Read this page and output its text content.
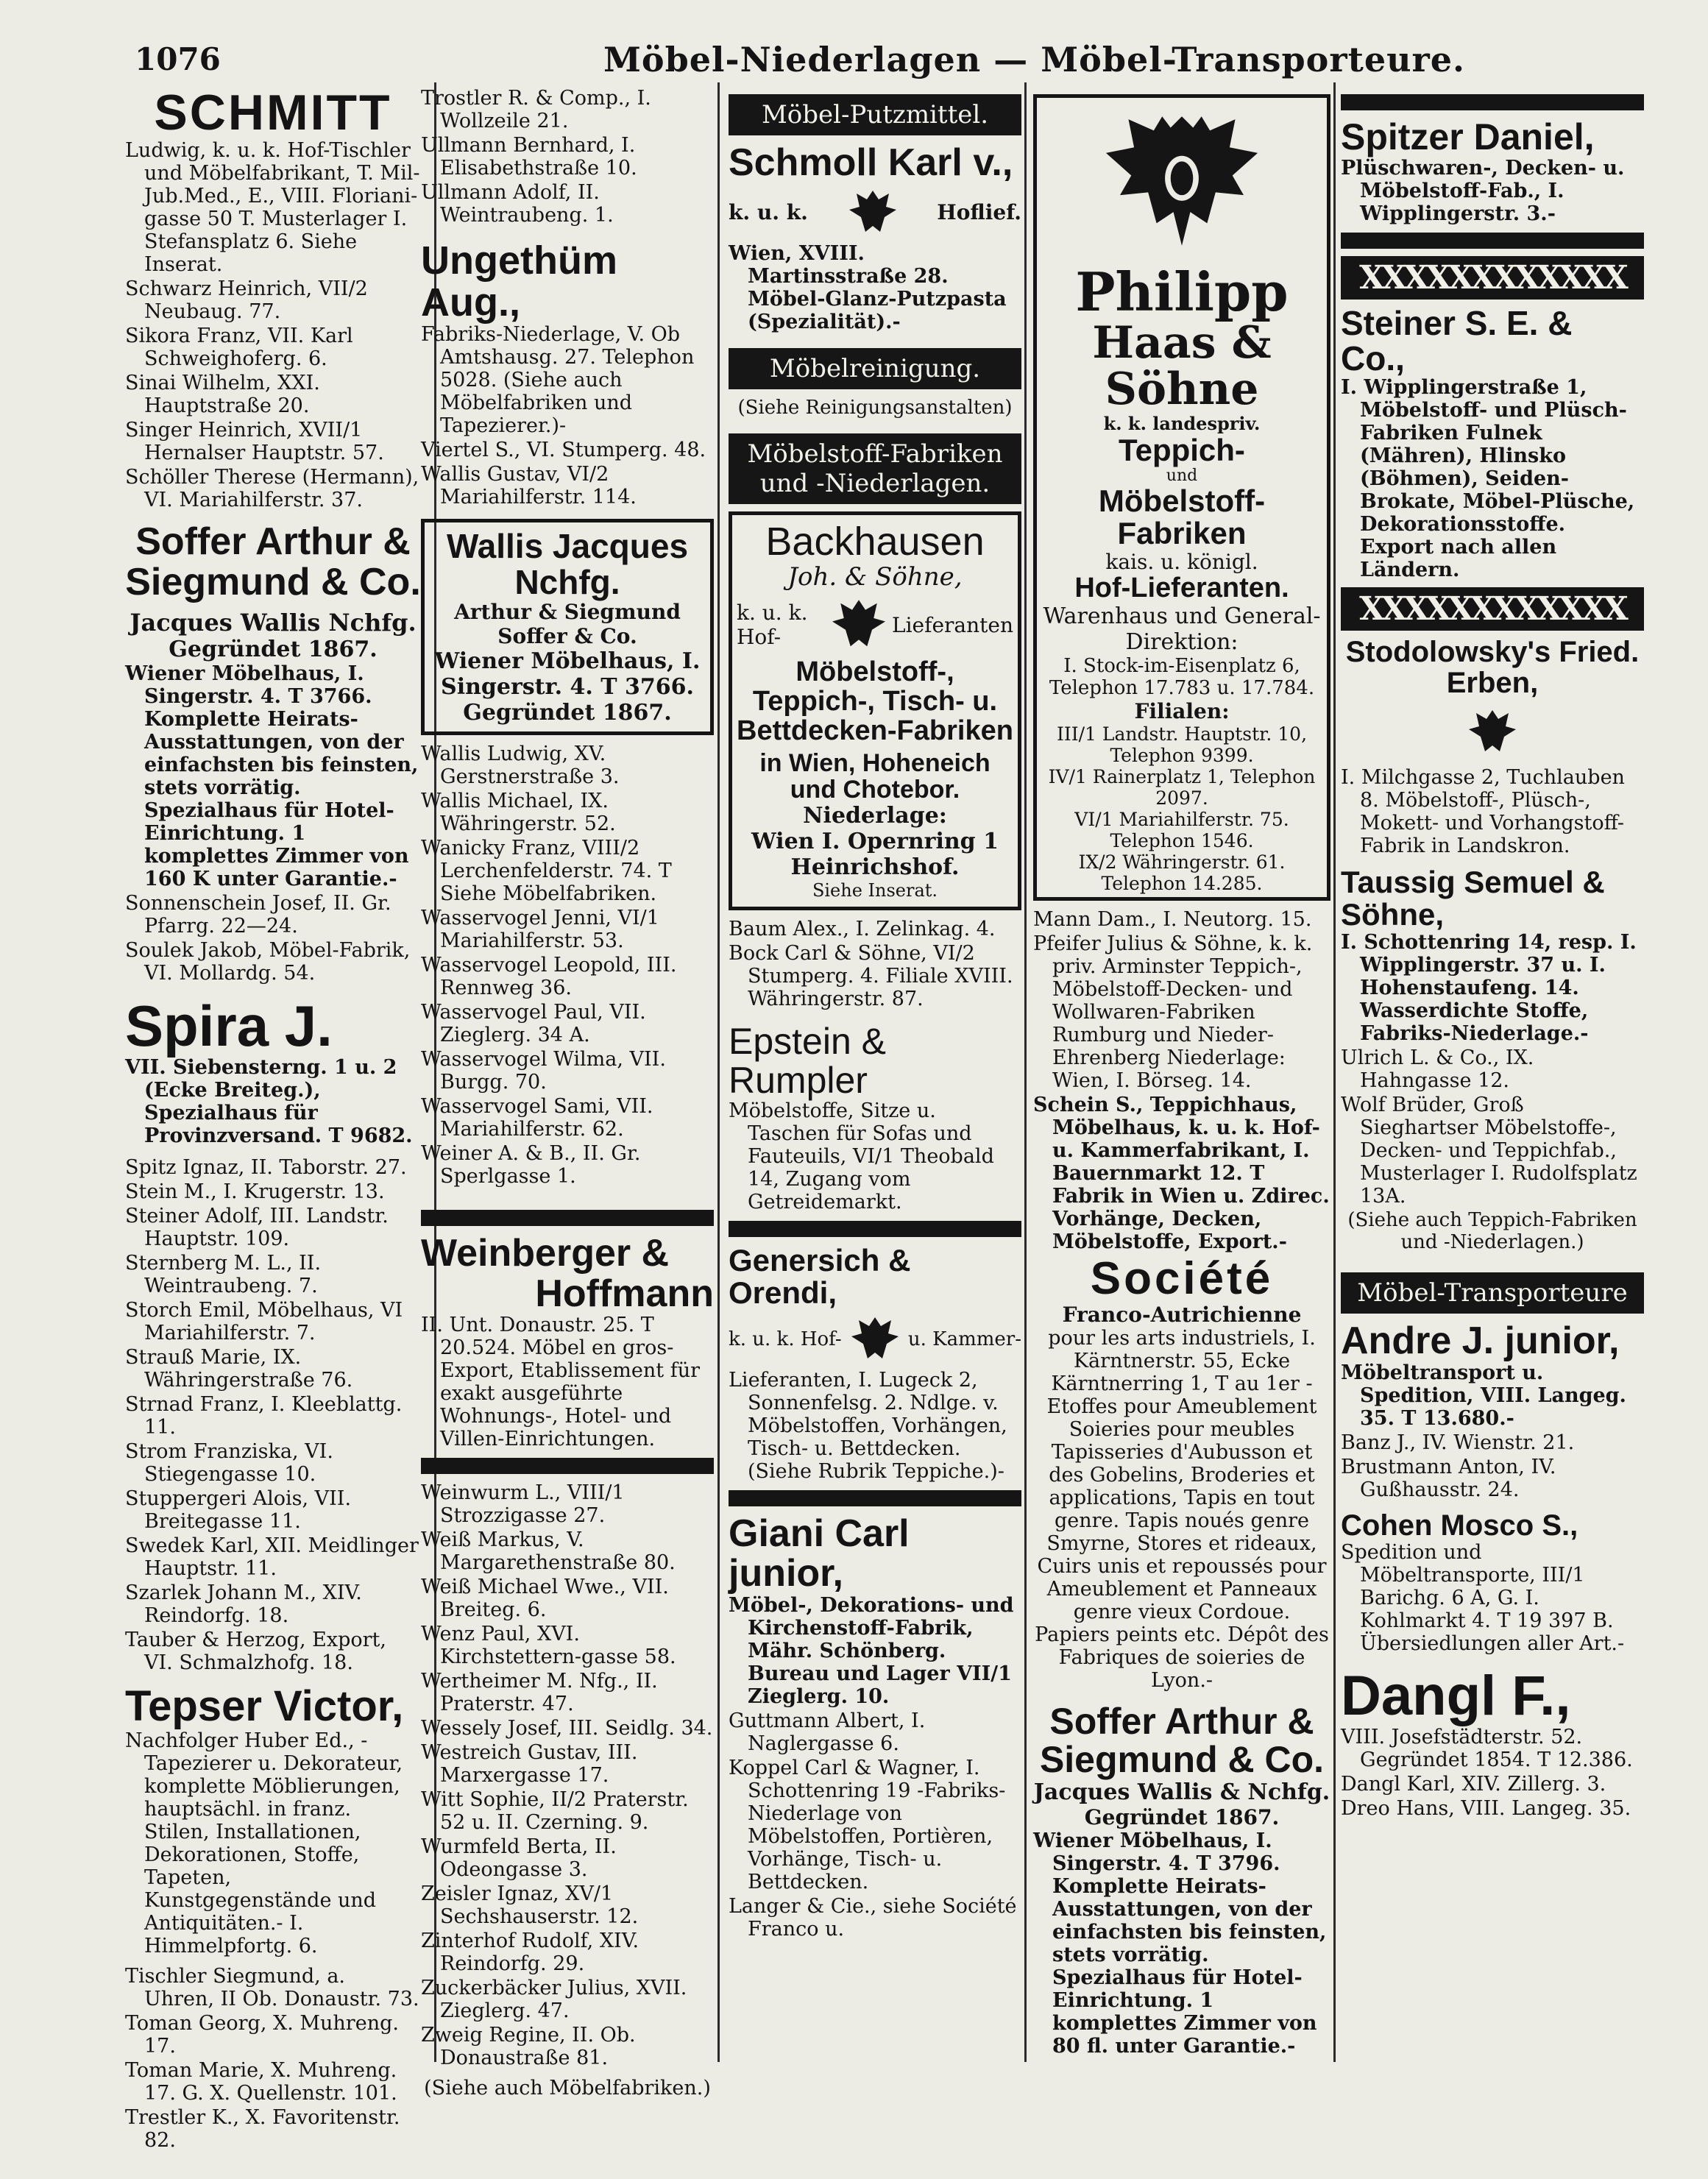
1076	Möbel-Niederlagen — Möbel-Transporteure.
SCHMITT
Ludwig, k. u. k. Hof-Tischler und Möbelfabrikant, T. Mil-Jub.Med., E., VIII. Floriani-gasse 50 T. Musterlager I. Stefansplatz 6. Siehe Inserat.
Schwarz Heinrich, VII/2 Neubaug. 77.
Sikora Franz, VII. Karl Schweighoferg. 6.
Sinai Wilhelm, XXI. Hauptstraße 20.
Singer Heinrich, XVII/1 Hernalser Hauptstr. 57.
Schöller Therese (Hermann), VI. Mariahilferstr. 37.
Soffer Arthur &
Siegmund & Co.
Jacques Wallis Nchfg.
Gegründet 1867.
Wiener Möbelhaus, I. Singerstr. 4. T 3766. Komplette Heirats-Ausstattungen, von der einfachsten bis feinsten, stets vorrätig. Spezialhaus für Hotel-Einrichtung. 1 komplettes Zimmer von 160 K unter Garantie.-
Sonnenschein Josef, II. Gr. Pfarrg. 22—24.
Soulek Jakob, Möbel-Fabrik, VI. Mollardg. 54.
Spira J.
VII. Siebensterng. 1 u. 2 (Ecke Breiteg.), Spezialhaus für Provinzversand. T 9682.
Spitz Ignaz, II. Taborstr. 27.
Stein M., I. Krugerstr. 13.
Steiner Adolf, III. Landstr. Hauptstr. 109.
Sternberg M. L., II. Weintraubeng. 7.
Storch Emil, Möbelhaus, VI Mariahilferstr. 7.
Strauß Marie, IX. Währingerstraße 76.
Strnad Franz, I. Kleeblattg. 11.
Strom Franziska, VI. Stiegengasse 10.
Stuppergeri Alois, VII. Breitegasse 11.
Swedek Karl, XII. Meidlinger Hauptstr. 11.
Szarlek Johann M., XIV. Reindorfg. 18.
Tauber & Herzog, Export, VI. Schmalzhofg. 18.
Tepser Victor,
Nachfolger Huber Ed., -Tapezierer u. Dekorateur, komplette Möblierungen, hauptsächl. in franz. Stilen, Installationen, Dekorationen, Stoffe, Tapeten, Kunstgegenstände und Antiquitäten.- I. Himmelpfortg. 6.
Tischler Siegmund, a. Uhren, II Ob. Donaustr. 73.
Toman Georg, X. Muhreng. 17.
Toman Marie, X. Muhreng. 17. G. X. Quellenstr. 101.
Trestler K., X. Favoritenstr. 82.
Trostler R. & Comp., I. Wollzeile 21.
Ullmann Bernhard, I. Elisabethstraße 10.
Ullmann Adolf, II. Weintraubeng. 1.
Ungethüm Aug.,
Fabriks-Niederlage, V. Ob Amtshausg. 27. Telephon 5028. (Siehe auch Möbelfabriken und Tapezierer.)-
Viertel S., VI. Stumperg. 48.
Wallis Gustav, VI/2 Mariahilferstr. 114.
Wallis Jacques Nchfg.
Arthur & Siegmund Soffer & Co.
Wiener Möbelhaus, I. Singerstr. 4. T 3766.
Gegründet 1867.
Wallis Ludwig, XV. Gerstnerstraße 3.
Wallis Michael, IX. Währingerstr. 52.
Wanicky Franz, VIII/2 Lerchenfelderstr. 74. T Siehe Möbelfabriken.
Wasservogel Jenni, VI/1 Mariahilferstr. 53.
Wasservogel Leopold, III. Rennweg 36.
Wasservogel Paul, VII. Zieglerg. 34 A.
Wasservogel Wilma, VII. Burgg. 70.
Wasservogel Sami, VII. Mariahilferstr. 62.
Weiner A. & B., II. Gr. Sperlgasse 1.
Weinberger &
Hoffmann
II. Unt. Donaustr. 25. T 20.524. Möbel en gros-Export, Etablissement für exakt ausgeführte Wohnungs-, Hotel- und Villen-Einrichtungen.
Weinwurm L., VIII/1 Strozzigasse 27.
Weiß Markus, V. Margarethenstraße 80.
Weiß Michael Wwe., VII. Breiteg. 6.
Wenz Paul, XVI. Kirchstettern-gasse 58.
Wertheimer M. Nfg., II. Praterstr. 47.
Wessely Josef, III. Seidlg. 34.
Westreich Gustav, III. Marxergasse 17.
Witt Sophie, II/2 Praterstr. 52 u. II. Czerning. 9.
Wurmfeld Berta, II. Odeongasse 3.
Zeisler Ignaz, XV/1 Sechshauserstr. 12.
Zinterhof Rudolf, XIV. Reindorfg. 29.
Zuckerbäcker Julius, XVII. Zieglerg. 47.
Zweig Regine, II. Ob. Donaustraße 81.
(Siehe auch Möbelfabriken.)
Möbel-Putzmittel.
Schmoll Karl v.,
k. u. k.	Hoflief.
Wien, XVIII. Martinsstraße 28. Möbel-Glanz-Putzpasta (Spezialität).-
Möbelreinigung.
(Siehe Reinigungsanstalten)
Möbelstoff-Fabriken und -Niederlagen.
Backhausen
Joh. & Söhne,
k. u. k. Hof-	Lieferanten
Möbelstoff-, Teppich-, Tisch- u. Bettdecken-Fabriken
in Wien, Hoheneich und Chotebor.
Niederlage:
Wien I. Opernring 1 Heinrichshof.
Siehe Inserat.
Baum Alex., I. Zelinkag. 4.
Bock Carl & Söhne, VI/2 Stumperg. 4. Filiale XVIII. Währingerstr. 87.
Epstein & Rumpler
Möbelstoffe, Sitze u. Taschen für Sofas und Fauteuils, VI/1 Theobald 14, Zugang vom Getreidemarkt.
Genersich & Orendi,
k. u. k. Hof-	u. Kammer-
Lieferanten, I. Lugeck 2, Sonnenfelsg. 2. Ndlge. v. Möbelstoffen, Vorhängen, Tisch- u. Bettdecken. (Siehe Rubrik Teppiche.)-
Giani Carl junior,
Möbel-, Dekorations- und Kirchenstoff-Fabrik, Mähr. Schönberg. Bureau und Lager VII/1 Zieglerg. 10.
Guttmann Albert, I. Naglergasse 6.
Koppel Carl & Wagner, I. Schottenring 19 -Fabriks-Niederlage von Möbelstoffen, Portièren, Vorhänge, Tisch- u. Bettdecken.
Langer & Cie., siehe Société Franco u.
Philipp
Haas & Söhne
k. k. landespriv.
Teppich-
und
Möbelstoff-Fabriken
kais. u. königl.
Hof-Lieferanten.
Warenhaus und General-Direktion:
I. Stock-im-Eisenplatz 6, Telephon 17.783 u. 17.784.
Filialen:
III/1 Landstr. Hauptstr. 10, Telephon 9399.
IV/1 Rainerplatz 1, Telephon 2097.
VI/1 Mariahilferstr. 75. Telephon 1546.
IX/2 Währingerstr. 61. Telephon 14.285.
Mann Dam., I. Neutorg. 15.
Pfeifer Julius & Söhne, k. k. priv. Arminster Teppich-, Möbelstoff-Decken- und Wollwaren-Fabriken Rumburg und Nieder-Ehrenberg Niederlage: Wien, I. Börseg. 14.
Schein S., Teppichhaus, Möbelhaus, k. u. k. Hof- u. Kammerfabrikant, I. Bauernmarkt 12. T Fabrik in Wien u. Zdirec. Vorhänge, Decken, Möbelstoffe, Export.-
Société
Franco-Autrichienne
pour les arts industriels, I. Kärntnerstr. 55, Ecke Kärntnerring 1, T au 1er -Etoffes pour Ameublement Soieries pour meubles Tapisseries d'Aubusson et des Gobelins, Broderies et applications, Tapis en tout genre. Tapis noués genre Smyrne, Stores et rideaux, Cuirs unis et repoussés pour Ameublement et Panneaux genre vieux Cordoue. Papiers peints etc. Dépôt des Fabriques de soieries de Lyon.-
Soffer Arthur &
Siegmund & Co.
Jacques Wallis & Nchfg.
Gegründet 1867.
Wiener Möbelhaus, I. Singerstr. 4. T 3796. Komplette Heirats-Ausstattungen, von der einfachsten bis feinsten, stets vorrätig. Spezialhaus für Hotel-Einrichtung. 1 komplettes Zimmer von 80 fl. unter Garantie.-
Spitzer Daniel,
Plüschwaren-, Decken- u. Möbelstoff-Fab., I. Wipplingerstr. 3.-
XXXXXXXXXXXX
Steiner S. E. & Co.,
I. Wipplingerstraße 1, Möbelstoff- und Plüsch-Fabriken Fulnek (Mähren), Hlinsko (Böhmen), Seiden-Brokate, Möbel-Plüsche, Dekorationsstoffe. Export nach allen Ländern.
XXXXXXXXXXXX
Stodolowsky's Fried. Erben,
I. Milchgasse 2, Tuchlauben 8. Möbelstoff-, Plüsch-, Mokett- und Vorhangstoff-Fabrik in Landskron.
Taussig Semuel & Söhne,
I. Schottenring 14, resp. I. Wipplingerstr. 37 u. I. Hohenstaufeng. 14. Wasserdichte Stoffe, Fabriks-Niederlage.-
Ulrich L. & Co., IX. Hahngasse 12.
Wolf Brüder, Groß Sieghartser Möbelstoffe-, Decken- und Teppichfab., Musterlager I. Rudolfsplatz 13A.
(Siehe auch Teppich-Fabriken und -Niederlagen.)
Möbel-Transporteure
Andre J. junior,
Möbeltransport u. Spedition, VIII. Langeg. 35. T 13.680.-
Banz J., IV. Wienstr. 21.
Brustmann Anton, IV. Gußhausstr. 24.
Cohen Mosco S.,
Spedition und Möbeltransporte, III/1 Barichg. 6 A, G. I. Kohlmarkt 4. T 19 397 B. Übersiedlungen aller Art.-
Dangl F.,
VIII. Josefstädterstr. 52. Gegründet 1854. T 12.386.
Dangl Karl, XIV. Zillerg. 3.
Dreo Hans, VIII. Langeg. 35.
